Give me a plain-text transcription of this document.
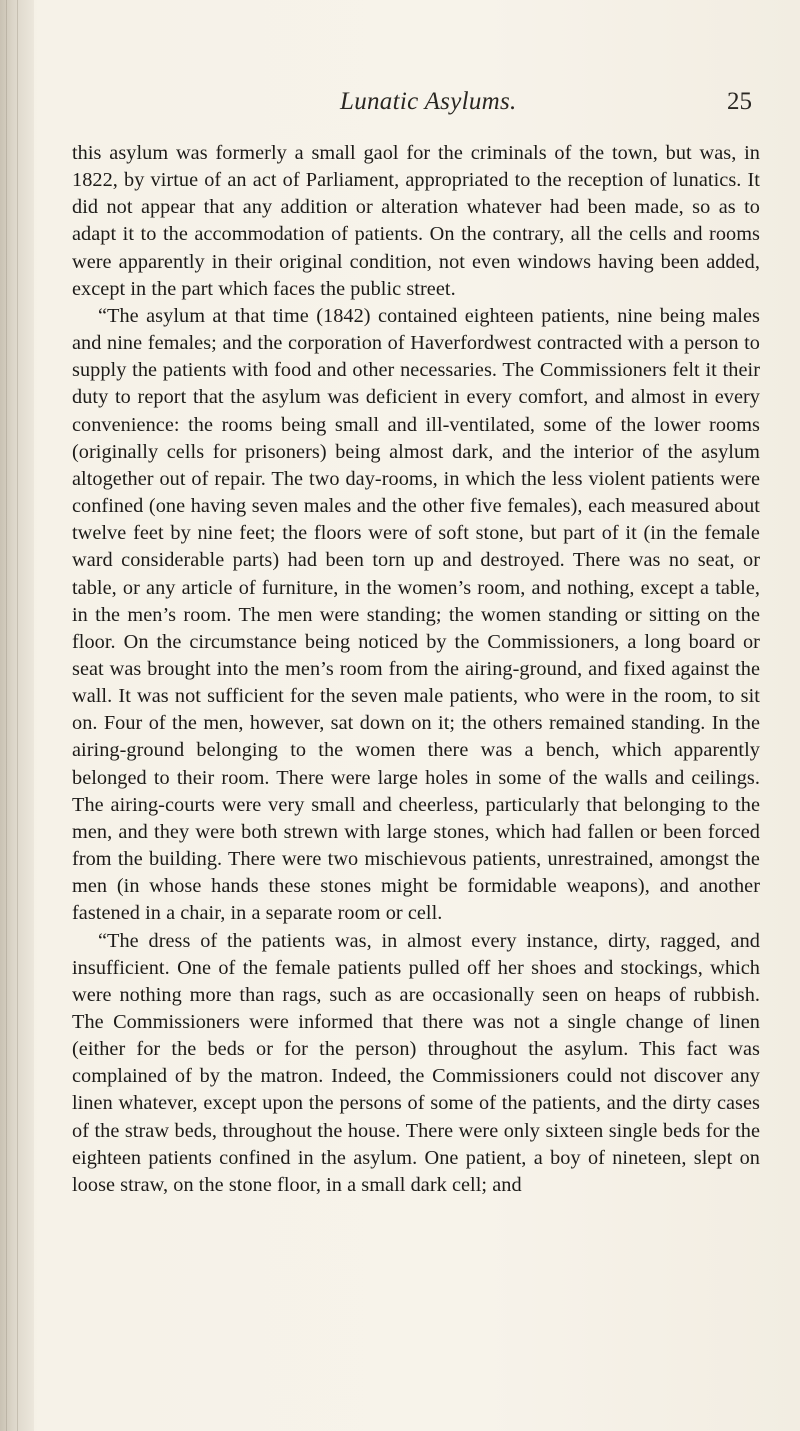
Lunatic Asylums.	25

this asylum was formerly a small gaol for the criminals of the town, but was, in 1822, by virtue of an act of Parliament, appropriated to the reception of lunatics. It did not appear that any addition or alteration whatever had been made, so as to adapt it to the accommodation of patients. On the contrary, all the cells and rooms were apparently in their original condition, not even windows having been added, except in the part which faces the public street.

“The asylum at that time (1842) contained eighteen patients, nine being males and nine females; and the corporation of Haverfordwest contracted with a person to supply the patients with food and other necessaries. The Commissioners felt it their duty to report that the asylum was deficient in every comfort, and almost in every convenience: the rooms being small and ill-ventilated, some of the lower rooms (originally cells for prisoners) being almost dark, and the interior of the asylum altogether out of repair. The two day-rooms, in which the less violent patients were confined (one having seven males and the other five females), each measured about twelve feet by nine feet; the floors were of soft stone, but part of it (in the female ward considerable parts) had been torn up and destroyed. There was no seat, or table, or any article of furniture, in the women’s room, and nothing, except a table, in the men’s room. The men were standing; the women standing or sitting on the floor. On the circumstance being noticed by the Commissioners, a long board or seat was brought into the men’s room from the airing-ground, and fixed against the wall. It was not sufficient for the seven male patients, who were in the room, to sit on. Four of the men, however, sat down on it; the others remained standing. In the airing-ground belonging to the women there was a bench, which apparently belonged to their room. There were large holes in some of the walls and ceilings. The airing-courts were very small and cheerless, particularly that belonging to the men, and they were both strewn with large stones, which had fallen or been forced from the building. There were two mischievous patients, unrestrained, amongst the men (in whose hands these stones might be formidable weapons), and another fastened in a chair, in a separate room or cell.

“The dress of the patients was, in almost every instance, dirty, ragged, and insufficient. One of the female patients pulled off her shoes and stockings, which were nothing more than rags, such as are occasionally seen on heaps of rubbish. The Commissioners were informed that there was not a single change of linen (either for the beds or for the person) throughout the asylum. This fact was complained of by the matron. Indeed, the Commissioners could not discover any linen whatever, except upon the persons of some of the patients, and the dirty cases of the straw beds, throughout the house. There were only sixteen single beds for the eighteen patients confined in the asylum. One patient, a boy of nineteen, slept on loose straw, on the stone floor, in a small dark cell; and
